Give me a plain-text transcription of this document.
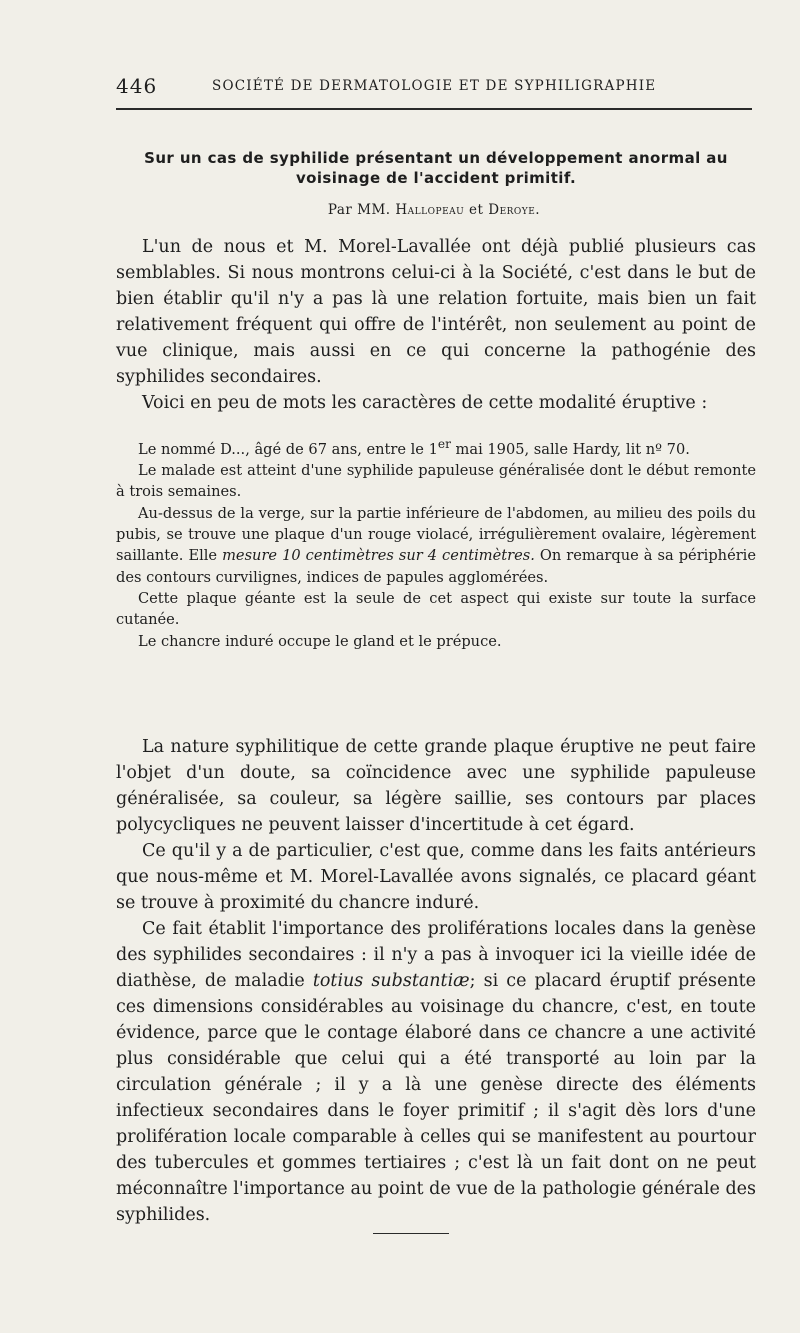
446	SOCIÉTÉ DE DERMATOLOGIE ET DE SYPHILIGRAPHIE
Sur un cas de syphilide présentant un développement anormal au
voisinage de l'accident primitif.
Par MM. Hallopeau et Deroye.

L'un de nous et M. Morel-Lavallée ont déjà publié plusieurs cas semblables. Si nous montrons celui-ci à la Société, c'est dans le but de bien établir qu'il n'y a pas là une relation fortuite, mais bien un fait relativement fréquent qui offre de l'intérêt, non seulement au point de vue clinique, mais aussi en ce qui concerne la pathogénie des syphilides secondaires.

Voici en peu de mots les caractères de cette modalité éruptive :

Le nommé D..., âgé de 67 ans, entre le 1er mai 1905, salle Hardy, lit nº 70.

Le malade est atteint d'une syphilide papuleuse généralisée dont le début remonte à trois semaines.

Au-dessus de la verge, sur la partie inférieure de l'abdomen, au milieu des poils du pubis, se trouve une plaque d'un rouge violacé, irrégulièrement ovalaire, légèrement saillante. Elle mesure 10 centimètres sur 4 centimètres. On remarque à sa périphérie des contours curvilignes, indices de papules agglomérées.

Cette plaque géante est la seule de cet aspect qui existe sur toute la surface cutanée.

Le chancre induré occupe le gland et le prépuce.

La nature syphilitique de cette grande plaque éruptive ne peut faire l'objet d'un doute, sa coïncidence avec une syphilide papuleuse généralisée, sa couleur, sa légère saillie, ses contours par places polycycliques ne peuvent laisser d'incertitude à cet égard.

Ce qu'il y a de particulier, c'est que, comme dans les faits antérieurs que nous-même et M. Morel-Lavallée avons signalés, ce placard géant se trouve à proximité du chancre induré.

Ce fait établit l'importance des proliférations locales dans la genèse des syphilides secondaires : il n'y a pas à invoquer ici la vieille idée de diathèse, de maladie totius substantiæ; si ce placard éruptif présente ces dimensions considérables au voisinage du chancre, c'est, en toute évidence, parce que le contage élaboré dans ce chancre a une activité plus considérable que celui qui a été transporté au loin par la circulation générale ; il y a là une genèse directe des éléments infectieux secondaires dans le foyer primitif ; il s'agit dès lors d'une prolifération locale comparable à celles qui se manifestent au pourtour des tubercules et gommes tertiaires ; c'est là un fait dont on ne peut méconnaître l'importance au point de vue de la pathologie générale des syphilides.
